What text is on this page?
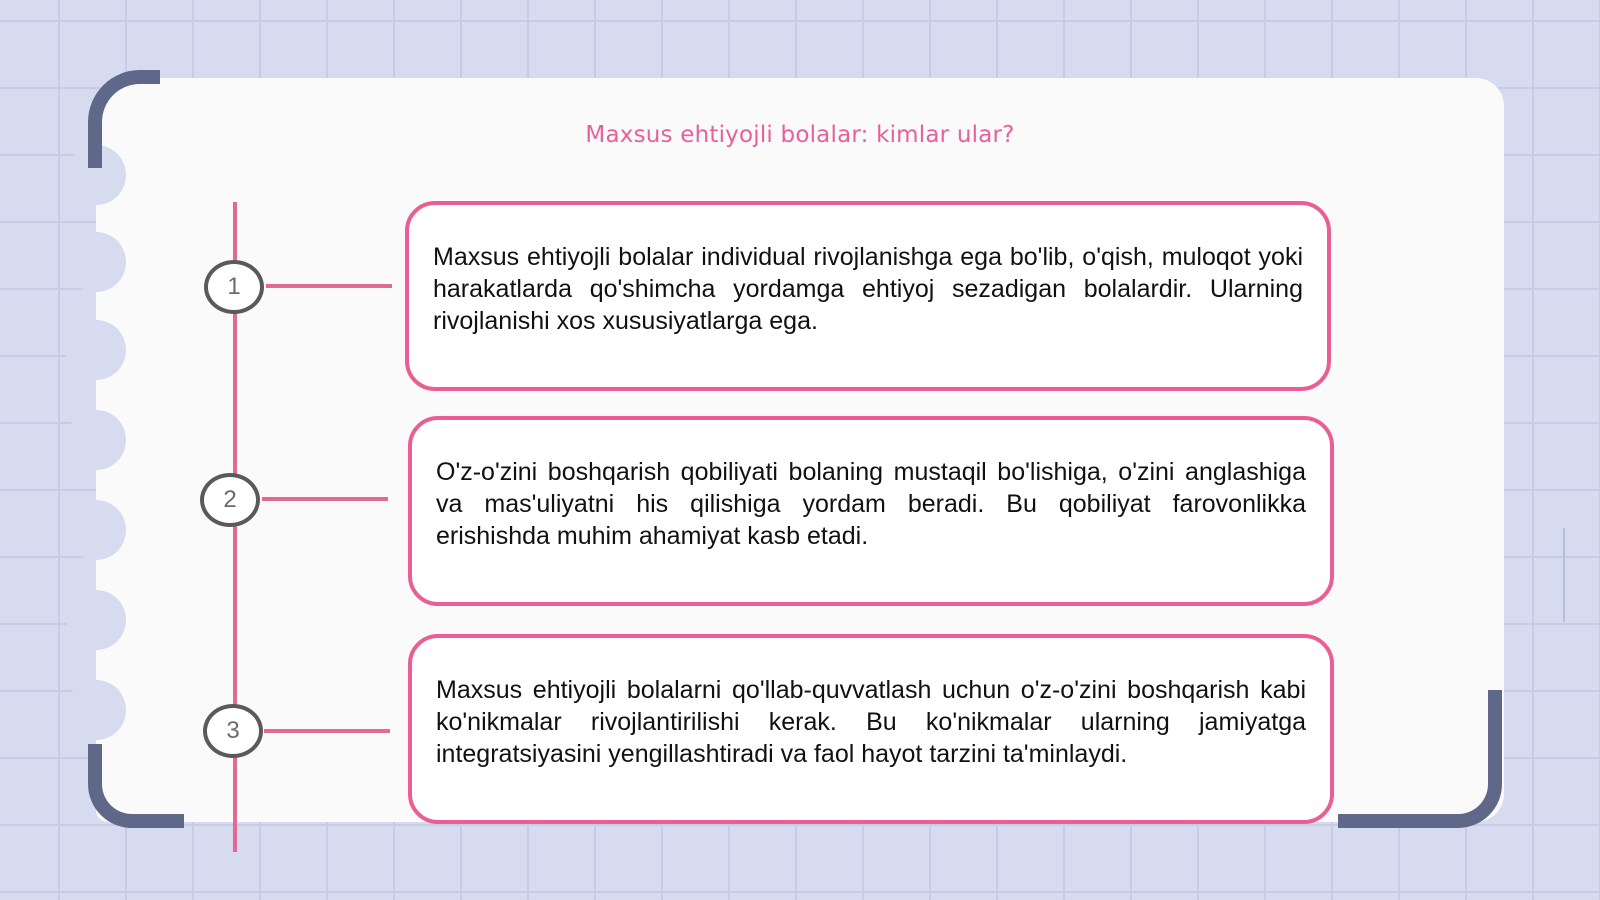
Maxsus ehtiyojli bolalar: kimlar ular?
1
2
3
Maxsus ehtiyojli bolalar individual rivojlanishga ega bo'lib, o'qish, muloqot yoki harakatlarda qo'shimcha yordamga ehtiyoj sezadigan bolalardir. Ularning rivojlanishi xos xususiyatlarga ega.
O'z-o'zini boshqarish qobiliyati bolaning mustaqil bo'lishiga, o'zini anglashiga va mas'uliyatni his qilishiga yordam beradi. Bu qobiliyat farovonlikka erishishda muhim ahamiyat kasb etadi.
Maxsus ehtiyojli bolalarni qo'llab-quvvatlash uchun o'z-o'zini boshqarish kabi ko'nikmalar rivojlantirilishi kerak. Bu ko'nikmalar ularning jamiyatga integratsiyasini yengillashtiradi va faol hayot tarzini ta'minlaydi.
